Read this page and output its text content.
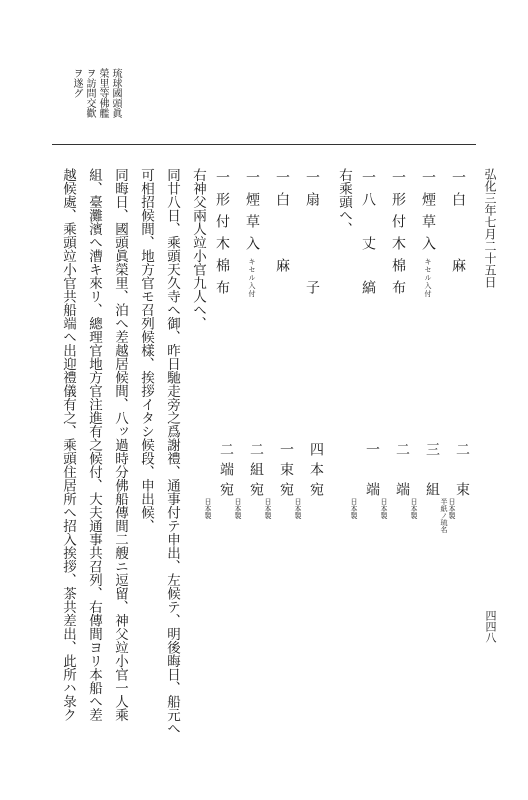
琉球國頭眞
榮里等佛艦
ヲ訪問交歡
ヲ遂グ
弘化三年七月二十五日
四四八
一白　　麻
二　束
日本製
半紙ノ琉名
一煙草入キセル入付
三　組
日本製
一形付木棉布
二　端
日本製
一八　丈　縞
一　端
日本製
右乘頭へ、
一扇　　　子
四本宛
日本製
一白　　麻
一束宛
日本製
一煙草入キセル入付
二組宛
日本製
一形付木棉布
二端宛
日本製
右神父兩人竝小官九人へ、
同廿八日、乘頭天久寺へ御、昨日馳走旁之爲謝禮、通事付テ申出、左候テ、明後晦日、船元へ
可相招候間、地方官モ召列候樣、挨拶イタシ候段、申出候、
同晦日、國頭眞榮里、泊へ差越居候間、八ッ過時分佛船傳間二艘ニ逗留、神父竝小官一人乘
組、臺灘濱へ漕キ來リ、總理官地方官注進有之候付、大夫通事共召列、右傳間ヨリ本船へ差
越候處、乘頭竝小官共船端へ出迎禮儀有之、乘頭住居所へ招入挨拶、茶共差出、此所ハ彔ク
